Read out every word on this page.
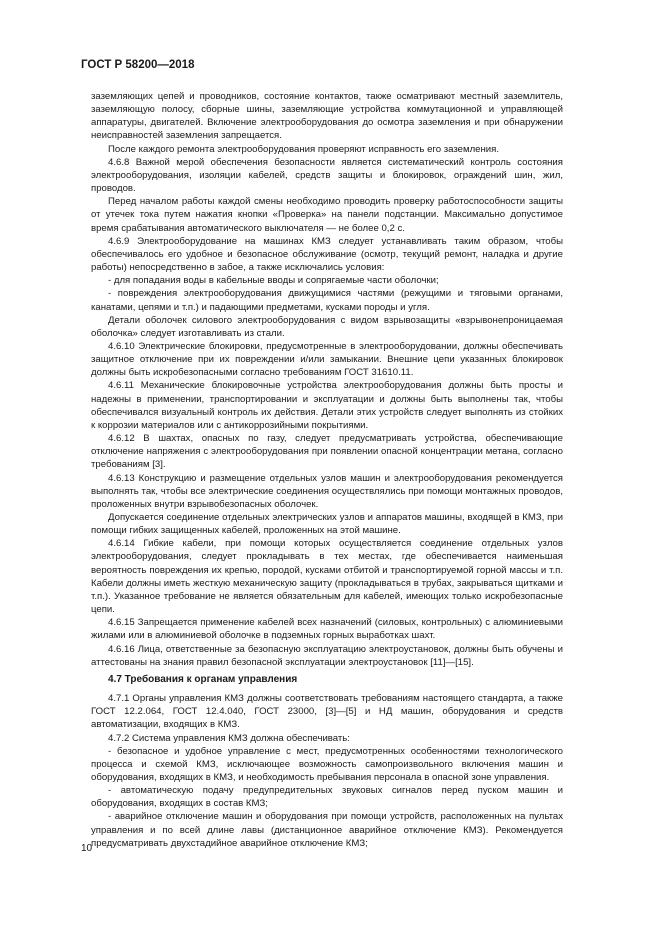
ГОСТ Р 58200—2018

заземляющих цепей и проводников, состояние контактов, также осматривают местный заземлитель, заземляющую полосу, сборные шины, заземляющие устройства коммутационной и управляющей аппаратуры, двигателей. Включение электрооборудования до осмотра заземления и при обнаружении неисправностей заземления запрещается.

После каждого ремонта электрооборудования проверяют исправность его заземления.

4.6.8 Важной мерой обеспечения безопасности является систематический контроль состояния электрооборудования, изоляции кабелей, средств защиты и блокировок, ограждений шин, жил, проводов.

Перед началом работы каждой смены необходимо проводить проверку работоспособности защиты от утечек тока путем нажатия кнопки «Проверка» на панели подстанции. Максимально допустимое время срабатывания автоматического выключателя — не более 0,2 с.

4.6.9 Электрооборудование на машинах КМЗ следует устанавливать таким образом, чтобы обеспечивалось его удобное и безопасное обслуживание (осмотр, текущий ремонт, наладка и другие работы) непосредственно в забое, а также исключались условия:

- для попадания воды в кабельные вводы и сопрягаемые части оболочки;

- повреждения электрооборудования движущимися частями (режущими и тяговыми органами, канатами, цепями и т.п.) и падающими предметами, кусками породы и угля.

Детали оболочек силового электрооборудования с видом взрывозащиты «взрывонепроницаемая оболочка» следует изготавливать из стали.

4.6.10 Электрические блокировки, предусмотренные в электрооборудовании, должны обеспечивать защитное отключение при их повреждении и/или замыкании. Внешние цепи указанных блокировок должны быть искробезопасными согласно требованиям ГОСТ 31610.11.

4.6.11 Механические блокировочные устройства электрооборудования должны быть просты и надежны в применении, транспортировании и эксплуатации и должны быть выполнены так, чтобы обеспечивался визуальный контроль их действия. Детали этих устройств следует выполнять из стойких к коррозии материалов или с антикоррозийными покрытиями.

4.6.12 В шахтах, опасных по газу, следует предусматривать устройства, обеспечивающие отключение напряжения с электрооборудования при появлении опасной концентрации метана, согласно требованиям [3].

4.6.13 Конструкцию и размещение отдельных узлов машин и электрооборудования рекомендуется выполнять так, чтобы все электрические соединения осуществлялись при помощи монтажных проводов, проложенных внутри взрывобезопасных оболочек.

Допускается соединение отдельных электрических узлов и аппаратов машины, входящей в КМЗ, при помощи гибких защищенных кабелей, проложенных на этой машине.

4.6.14 Гибкие кабели, при помощи которых осуществляется соединение отдельных узлов электрооборудования, следует прокладывать в тех местах, где обеспечивается наименьшая вероятность повреждения их крепью, породой, кусками отбитой и транспортируемой горной массы и т.п. Кабели должны иметь жесткую механическую защиту (прокладываться в трубах, закрываться щитками и т.п.). Указанное требование не является обязательным для кабелей, имеющих только искробезопасные цепи.

4.6.15 Запрещается применение кабелей всех назначений (силовых, контрольных) с алюминиевыми жилами или в алюминиевой оболочке в подземных горных выработках шахт.

4.6.16 Лица, ответственные за безопасную эксплуатацию электроустановок, должны быть обучены и аттестованы на знания правил безопасной эксплуатации электроустановок [11]—[15].

4.7 Требования к органам управления

4.7.1 Органы управления КМЗ должны соответствовать требованиям настоящего стандарта, а также ГОСТ 12.2.064, ГОСТ 12.4.040, ГОСТ 23000, [3]—[5] и НД машин, оборудования и средств автоматизации, входящих в КМЗ.

4.7.2 Система управления КМЗ должна обеспечивать:

- безопасное и удобное управление с мест, предусмотренных особенностями технологического процесса и схемой КМЗ, исключающее возможность самопроизвольного включения машин и оборудования, входящих в КМЗ, и необходимость пребывания персонала в опасной зоне управления.

- автоматическую подачу предупредительных звуковых сигналов перед пуском машин и оборудования, входящих в состав КМЗ;

- аварийное отключение машин и оборудования при помощи устройств, расположенных на пультах управления и по всей длине лавы (дистанционное аварийное отключение КМЗ). Рекомендуется предусматривать двухстадийное аварийное отключение КМЗ;

10
